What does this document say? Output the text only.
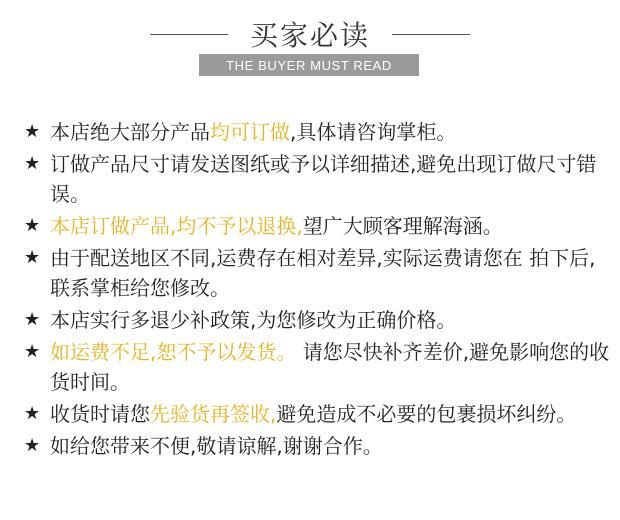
买家必读
THE BUYER MUST READ
★ 本店绝大部分产品均可订做,具体请咨询掌柜。
★ 订做产品尺寸请发送图纸或予以详细描述,避免出现订做尺寸错误。
★ 本店订做产品,均不予以退换,望广大顾客理解海涵。
★ 由于配送地区不同,运费存在相对差异,实际运费请您在 拍下后,联系掌柜给您修改。
★ 本店实行多退少补政策,为您修改为正确价格。
★ 如运费不足,恕不予以发货。 请您尽快补齐差价,避免影响您的收货时间。
★ 收货时请您先验货再签收,避免造成不必要的包裹损坏纠纷。
★ 如给您带来不便,敬请谅解,谢谢合作。
